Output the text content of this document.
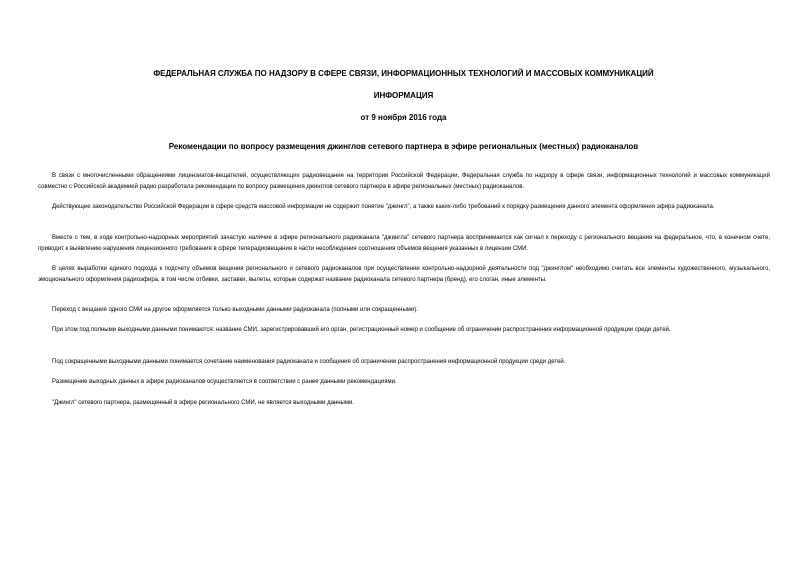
ФЕДЕРАЛЬНАЯ СЛУЖБА ПО НАДЗОРУ В СФЕРЕ СВЯЗИ, ИНФОРМАЦИОННЫХ ТЕХНОЛОГИЙ И МАССОВЫХ КОММУНИКАЦИЙ
ИНФОРМАЦИЯ
от 9 ноября 2016 года
Рекомендации по вопросу размещения джинглов сетевого партнера в эфире региональных (местных) радиоканалов

В связи с многочисленными обращениями лицензиатов-вещателей, осуществляющих радиовещание на территории Российской Федерации, Федеральная служба по надзору в сфере связи, информационных технологий и массовых коммуникаций совместно с Российской академией радио разработала рекомендации по вопросу размещения джинглов сетевого партнера в эфире региональных (местных) радиоканалов.

Действующее законодательство Российской Федерации в сфере средств массовой информации не содержит понятие "джингл", а также каких-либо требований к порядку размещения данного элемента оформления эфира радиоканала.

Вместе с тем, в ходе контрольно-надзорных мероприятий зачастую наличие в эфире регионального радиоканала "джингла" сетевого партнера воспринимается как сигнал к переходу с регионального вещания на федеральное, что, в конечном счете, приводит к выявлению нарушения лицензионного требования в сфере телерадиовещания в части несоблюдения соотношения объемов вещения указанных в лицензии СМИ.

В целях выработки единого подхода к подсчету объемов вещения регионального и сетевого радиоканалов при осуществлении контрольно-надзорной деятельности под "джинглом" необходимо считать все элементы художественного, музыкального, эмоционального оформления радиоэфира, в том числе отбивки, заставки, вылеты, которые содержат название радиоканала сетевого партнера (бренд), его слоган, иные элементы.

Переход с вещания одного СМИ на другое оформляется только выходными данными радиоканала (полными или сокращенными).

При этом под полными выходными данными понимаются: название СМИ, зарегистрировавший его орган, регистрационный номер и сообщение об ограничении распространения информационной продукции среди детей.

Под сокращенными выходными данными понимается сочетание наименования радиоканала и сообщения об ограничении распространения информационной продукции среди детей.

Размещение выходных данных в эфире радиоканалов осуществляется в соответствии с ранее данными рекомендациями.

"Джингл" сетевого партнера, размещенный в эфире регионального СМИ, не является выходными данными.
